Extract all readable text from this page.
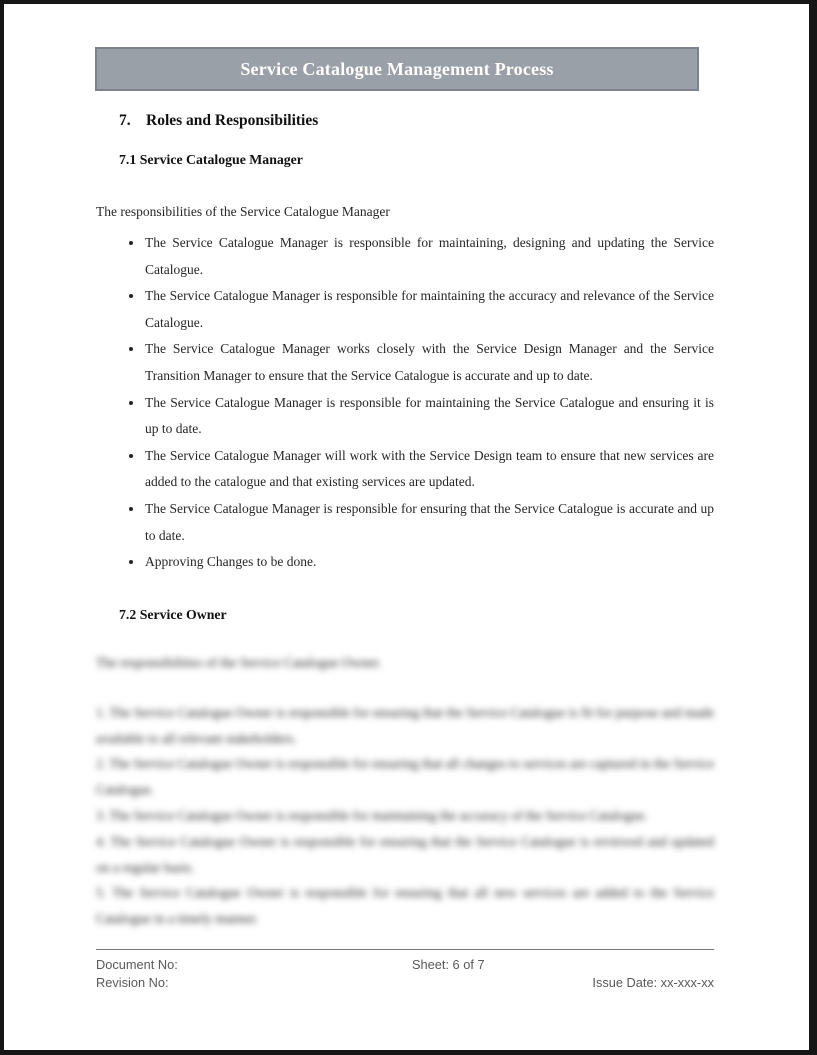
Service Catalogue Management Process
7. Roles and Responsibilities
7.1 Service Catalogue Manager

The responsibilities of the Service Catalogue Manager

• The Service Catalogue Manager is responsible for maintaining, designing and updating the Service Catalogue.
• The Service Catalogue Manager is responsible for maintaining the accuracy and relevance of the Service Catalogue.
• The Service Catalogue Manager works closely with the Service Design Manager and the Service Transition Manager to ensure that the Service Catalogue is accurate and up to date.
• The Service Catalogue Manager is responsible for maintaining the Service Catalogue and ensuring it is up to date.
• The Service Catalogue Manager will work with the Service Design team to ensure that new services are added to the catalogue and that existing services are updated.
• The Service Catalogue Manager is responsible for ensuring that the Service Catalogue is accurate and up to date.
• Approving Changes to be done.
7.2 Service Owner

The responsibilities of the Service Catalogue Owner.

1. The Service Catalogue Owner is responsible for ensuring that the Service Catalogue is fit for purpose and made available to all relevant stakeholders.

2. The Service Catalogue Owner is responsible for ensuring that all changes to services are captured in the Service Catalogue.

3. The Service Catalogue Owner is responsible for maintaining the accuracy of the Service Catalogue.

4. The Service Catalogue Owner is responsible for ensuring that the Service Catalogue is reviewed and updated on a regular basis.

5. The Service Catalogue Owner is responsible for ensuring that all new services are added to the Service Catalogue in a timely manner.

Document No:	Sheet: 6 of 7
Revision No:	Issue Date: xx-xxx-xx
